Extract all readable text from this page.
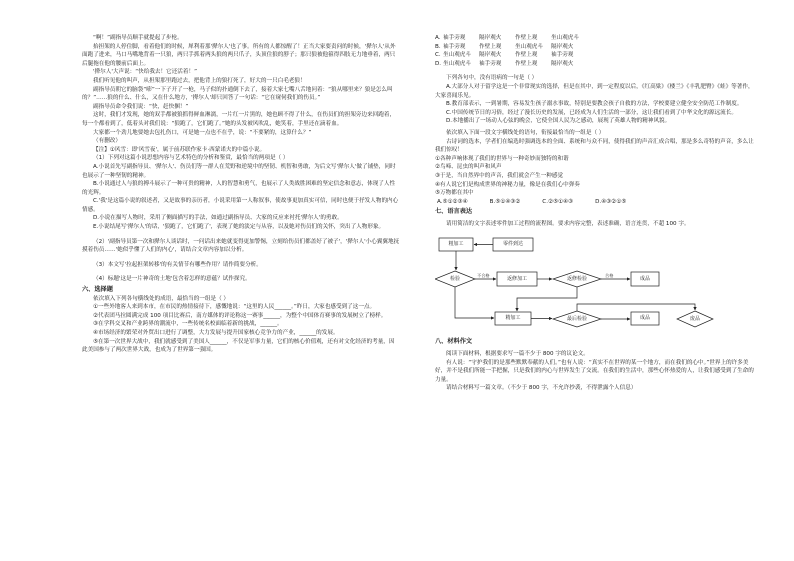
“啊！”副指导员顺手就提起了步枪。

抬担架的人停住脚，看着他们的时候，犀利着那'撵尔人'也了事。所有的人都惊醒了！正当大家要责问的时候，'撵尔人'从外面跑了进来，马口马嘴地背着一只狼，两只手抓着两头狼的两只爪子，头顶住狼的脖子；那只狼被他箍得四肢无力地垂着，两只后腿拖在他的腰前后面上。

'撵尔人'大声说：“快给我去！它还活着！”

我们听见他的叫声，从担架那里跑过去，把他背上的狼打死了，好大的一只白毛老狼！

副指导员朝它的脑袋“嘭”一下子开了一枪，马子似的扑通倒下去了，接着大家七嘴八舌地问着：“狼从哪里来？狼是怎么叫的？”……狼的什么、什么，又在什么地方，'撵尔人'却只回答了一句话：“它在窥伺我们的伤员。”

副指导员命令我们说：“快，赶快捆！”

这时，我们才发现，她的双手都被狼抓得鲜血淋漓，一片红一片黑的，她也顾不得了什么，在伤员们的担架旁边来回跑着，每一个都看到了，低着头对我们说：“狼跑了，它们跑了。”她的头发被风吹乱，她笑着，手里还在滴着血。

大家都一个劲儿地要她去包扎伤口，可是她一点也不在乎，说：“不要紧的，这算什么？”

（有删改）

【注】①风雪：即'风雪夜'，属于前苏联作家卡·西蒙诺夫的中篇小说。

（1）下列对这篇小说思想内容与艺术特色的分析和鉴赏，最恰当的两项是（ ）

A.小说首先写副指导员、'撵尔人'、伤员们等一群人在荒野和逆境中的坚韧、机智和勇敢，为后文写'撵尔人'做了铺垫，同时也展示了一种坚韧的精神。

B.小说通过人与狼的搏斗展示了一种可贵的精神，人的智慧和勇气，也展示了人类战胜困难的坚定信念和意志，体现了人性的光辉。

C.'我'是这篇小说的叙述者，又是故事的亲历者，小说采用第一人称叙事，使故事更加真实可信，同时也便于抒发人物的内心情感。

D.小说在描写人物时，采用了侧面描写的手法，如通过副指导员、大家的反应来衬托'撵尔人'的勇敢。

E.小说结尾写'撵尔人'的话，'狼跑了，它们跑了'，表现了她的淡定与从容，以及她对伤员们的关怀，突出了人物形象。

（2）'副指导员第一次和撵尔人谈话时，一问话出来她就变得更加警惕，立刻给伤员们都盖好了被子'，'撵尔人'小心翼翼地抚摸着伤员……'她似乎懂了人们的内心'，请结合文章内容加以分析。

（3）本文写'拉起担架转移'的有关情节有哪些作用？请作简要分析。

（4）标题'这是一片神奇的土地'包含着怎样的意蕴？试作探究。

六、选择题

依次填入下列各句横线处的成语，最恰当的一组是（ ）

①一些外地客人来到本市，在市民的热情接待下，感慨地说：“这里的人民______。”昨日，大家也感受到了这一点。

②代表团马拉圆满完成 100 项目比赛后，南方媒体的评论称这一赛事______，为整个中国体育赛事的发展树立了榜样。

③在学科交叉和产业跨界的潮流中，一些传统名校面临着新的挑战，______。

④市场经济的繁荣对外贸出口进行了调整，大力发展与提升国家核心竞争力的产业，______的发展。

⑤在第一次世界大战中，我们就感受到了美国人______，不仅是军事力量，它们的核心价值观，还有对文化经济的考量，因此美国参与了两次世界大战，也成为了世界第一强国。

A. 袖手旁观	隔岸观火	作壁上观	坐山观虎斗
B. 袖手旁观	作壁上观	坐山观虎斗	隔岸观火
C. 坐山观虎斗	隔岸观火	作壁上观	袖手旁观
D. 坐山观虎斗	袖手旁观	作壁上观	隔岸观火

下列各句中，没有语病的一句是（ ）

A.大部分人对于留学这是一个非常现实的选择，但是在其中，到一定程度以后，《红高粱》《楼兰》《丰乳肥臀》《蛙》等著作，大家喜闻乐见。

B.教育部表示，一到暑期，容易发生孩子溺水事故，特别是要教会孩子自救的方法，学校要建立健全安全防范工作制度。

C.中国传统节日的习俗，经过了漫长历史的发展，已经成为人们生活的一部分，这让我们看到了中华文化的源远流长。

D.本地播出了一场动人心弦的晚会，它使全国人民为之感动，展现了英雄人物的精神风貌。

依次填入下面一段文字横线处的语句，衔接最恰当的一组是（ ）

古诗词的选本，学者们在编选时强调选本的全面、系统和与众不同，使得我们的声音汇成合唱，那是多么奇特的声音，多么让我们惊叹！

①各种声响体现了我们的世界与一种奇妙而独特的和谐

②鸟啼、昆虫的叫声和风声

③于是，当自然界中的声音，我们就会产生一种感觉

④有人说它们是构成世界的神秘力量，像是在我们心中弹奏

⑤万物都在其中

A.⑤①②③④	B.⑤①④③②	C.②⑤①④③	D.④③②①⑤

七、语言表达

请用简洁的文字表述零件加工过程的流程图。要求内容完整，表述准确，语言连贯，不超 100 字。

粗加工	零件到达
检验	返修加工	返修检验	成品
精加工	最后检验	成品	废品
合格
不合格

八、材料作文

阅读下面材料，根据要求写一篇不少于 800 字的议论文。

有人说：“守护我们的是那些默默奉献的人们。”也有人说：“真实不在世界的某一个地方，而在我们的心中。”世界上的许多美好，并不是我们所能一手把握，只是我们的内心与世界发生了交流。在我们的生活中，那些心怀热爱的人，让我们感受到了生命的力量。

请结合材料写一篇文章。（不少于 800 字，不允许抄袭，不得泄露个人信息）
